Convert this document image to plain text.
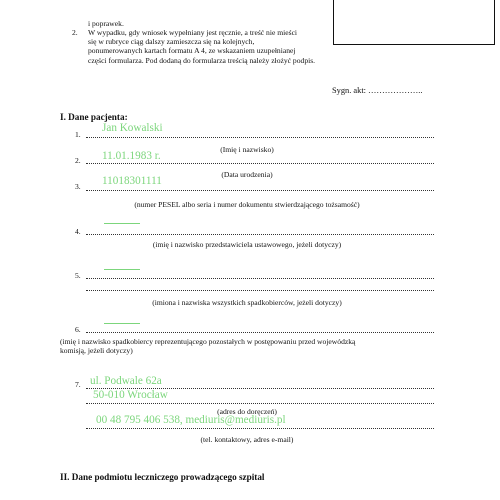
i poprawek.
2. W wypadku, gdy wniosek wypełniany jest ręcznie, a treść nie mieści
się w rubryce ciąg dalszy zamieszcza się na kolejnych,
ponumerowanych kartach formatu A 4, ze wskazaniem uzupełnianej
części formularza. Pod dodaną do formularza treścią należy złożyć podpis.
Sygn. akt: ………………..
I. Dane pacjenta:
1.
Jan Kowalski
(Imię i nazwisko)
2. 11.01.1983 r.
(Data urodzenia)
3. 11018301111
(numer PESEL albo seria i numer dokumentu stwierdzającego tożsamość)
4.
(imię i nazwisko przedstawiciela ustawowego, jeżeli dotyczy)
5.
(imiona i nazwiska wszystkich spadkobierców, jeżeli dotyczy)
6.
(imię i nazwisko spadkobiercy reprezentującego pozostałych w postępowaniu przed wojewódzką
komisją, jeżeli dotyczy)
ul. Podwale 62a
7.
50-010 Wrocław
(adres do doręczeń)
00 48 795 406 538, mediuris@mediuris.pl
(tel. kontaktowy, adres e-mail)
II. Dane podmiotu leczniczego prowadzącego szpital
